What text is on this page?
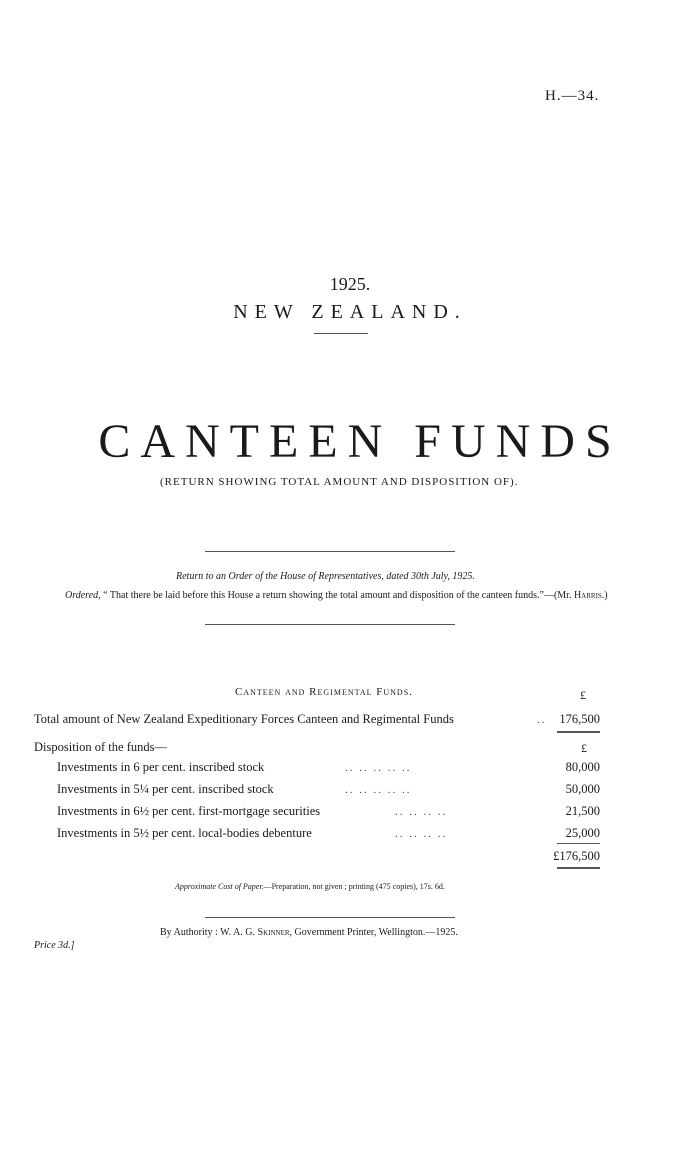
H.—34.
1925.
NEW ZEALAND.
CANTEEN FUNDS
(RETURN SHOWING TOTAL AMOUNT AND DISPOSITION OF).
Return to an Order of the House of Representatives, dated 30th July, 1925.
Ordered, “ That there be laid before this House a return showing the total amount and disposition of the canteen funds.”—(Mr. Harris.)
Canteen and Regimental Funds.	£
Total amount of New Zealand Expeditionary Forces Canteen and Regimental Funds	..	176,500
Disposition of the funds—	£
Investments in 6 per cent. inscribed stock	.. .. .. .. ..	80,000
Investments in 5¼ per cent. inscribed stock	.. .. .. .. ..	50,000
Investments in 6½ per cent. first-mortgage securities	.. .. .. ..	21,500
Investments in 5½ per cent. local-bodies debenture	.. .. .. ..	25,000
£176,500
Approximate Cost of Paper.—Preparation, not given ; printing (475 copies), 17s. 6d.
By Authority : W. A. G. Skinner, Government Printer, Wellington.—1925.
Price 3d.]
